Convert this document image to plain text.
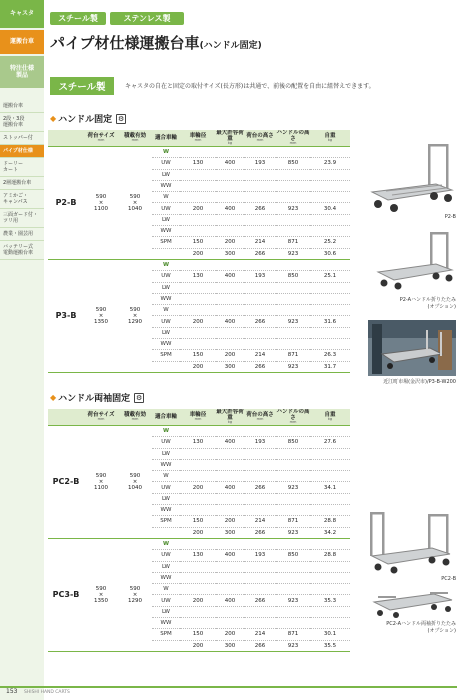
キャスタ
運搬台車
特注仕様
製品
運搬台車
2段・3段
運搬台車
ストッパー付
パイプ材仕様
ドーリー
カート
2層運搬台車
アミかご・
キャンパス
三面ガード付・
ツリ用
農業・園芸用
バッテリー式
電動運搬台車
スチール製	ステンレス製
パイプ材仕様運搬台車(ハンドル固定)
スチール製	キャスタの自在と固定の取付サイズ(長方形)は共通で、前後の配置を自由に組替えできます。
◆ ハンドル固定 ⚙
	荷台サイズ
mm	積載有効
mm	適合車輪	車輪径
mm	最大許容荷重
kg	荷台の高さ
mm	ハンドルの高さ
mm	自重
kg

P2-B	590
×
1100	590
×
1040	W					
			UW	130	400	193	850	23.9
			LW					
			WW					
			W					
			UW	200	400	266	923	30.4
			LW					
			WW					
			SPM	150	200	214	871	25.2
				200	300	266	923	30.6
P3-B	590
×
1350	590
×
1290	W					
			UW	130	400	193	850	25.1
			LW					
			WW					
			W					
			UW	200	400	266	923	31.6
			LW					
			WW					
			SPM	150	200	214	871	26.3
				200	300	266	923	31.7
◆ ハンドル両袖固定 ⚙
	荷台サイズ
mm	積載有効
mm	適合車輪	車輪径
mm	最大許容荷重
kg	荷台の高さ
mm	ハンドルの高さ
mm	自重
kg

PC2-B	590
×
1100	590
×
1040	W					
			UW	130	400	193	850	27.6
			LW					
			WW					
			W					
			UW	200	400	266	923	34.1
			LW					
			WW					
			SPM	150	200	214	871	28.8
				200	300	266	923	34.2
PC3-B	590
×
1350	590
×
1290	W					
			UW	130	400	193	850	28.8
			LW					
			WW					
			W					
			UW	200	400	266	923	35.3
			LW					
			WW					
			SPM	150	200	214	871	30.1
				200	300	266	923	35.5
P2-B
P2-Aハンドル折りたたみ
(オプション)
近江町市場(金沢市)/P3-B-W200
PC2-B
PC2-Aハンドル両袖折りたたみ
(オプション)
153 SHISHI HAND CARTS
